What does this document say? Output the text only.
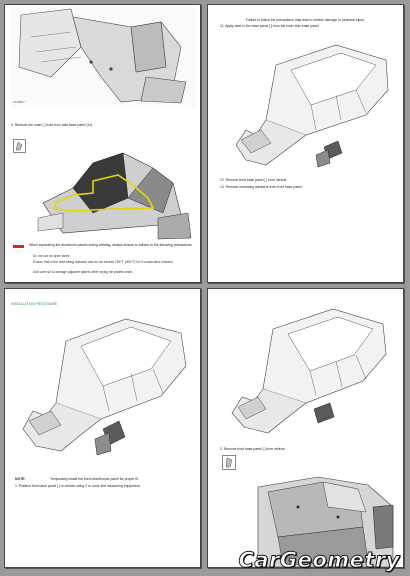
1234567
9. Remove the outer [ ] front from side base panel (1x)
When separating the aluminium panels during welding, always ensure to adhere to the following precautions:
Do not use an open flame
Ensure that in the area being replaced and do not exceed 205°C (400°F) for 5 consecutive minutes.
Use care not to damage adjacent panels while drying the panels seam.
Failure to follow the precautions may lead to vehicle damage or personal injury.
11. Apply heat to the base panel [ ] from the inner side base panel.
12. Remove front base panel [ ] from vehicle.
13. Remove remaining adhesive from front base panel.
INSTALLATION PROCEDURE
NOTE:	Temporarily install the front wheelhouse panel for proper fit.
1. Position front base panel [ ] to vehicle using 2 or more fine measuring equipment.
2. Remove front base panel [ ] from vehicle.
CarGeometry
